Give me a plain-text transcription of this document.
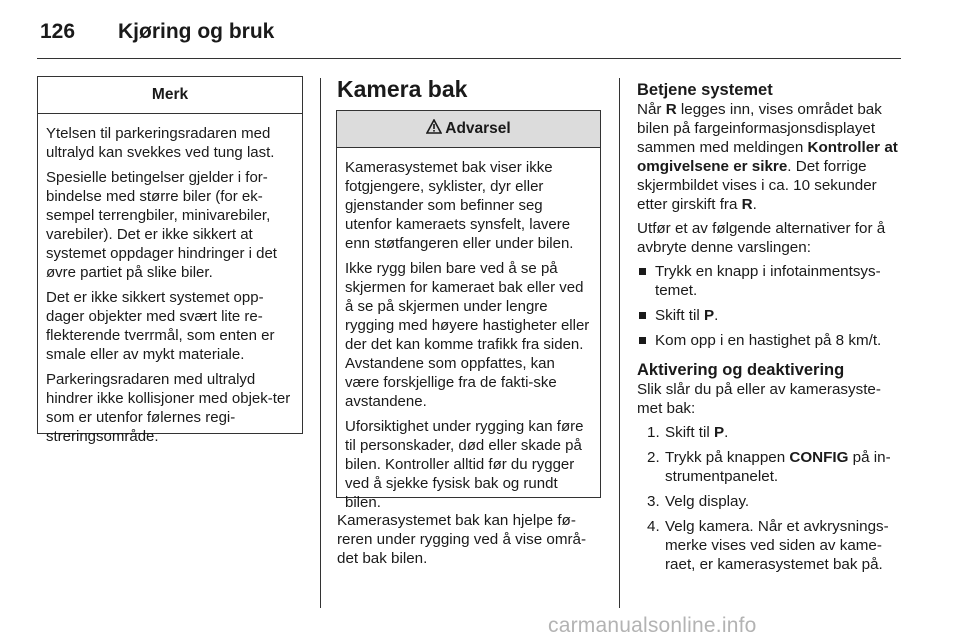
126 Kjøring og bruk
Merk

Ytelsen til parkeringsradaren med ultralyd kan svekkes ved tung last.

Spesielle betingelser gjelder i for-bindelse med større biler (for ek-sempel terrengbiler, minivarebiler, varebiler). Det er ikke sikkert at systemet oppdager hindringer i det øvre partiet på slike biler.

Det er ikke sikkert systemet opp-dager objekter med svært lite re-flekterende tverrmål, som enten er smale eller av mykt materiale.

Parkeringsradaren med ultralyd hindrer ikke kollisjoner med objek-ter som er utenfor følernes regi-streringsområde.

Kamera bak
Advarsel

Kamerasystemet bak viser ikke fotgjengere, syklister, dyr eller gjenstander som befinner seg utenfor kameraets synsfelt, lavere enn støtfangeren eller under bilen.

Ikke rygg bilen bare ved å se på skjermen for kameraet bak eller ved å se på skjermen under lengre rygging med høyere hastigheter eller der det kan komme trafikk fra siden. Avstandene som oppfattes, kan være forskjellige fra de fakti-ske avstandene.

Uforsiktighet under rygging kan føre til personskader, død eller skade på bilen. Kontroller alltid før du rygger ved å sjekke fysisk bak og rundt bilen.

Kamerasystemet bak kan hjelpe fø-reren under rygging ved å vise områ-det bak bilen.

Betjene systemet

Når R legges inn, vises området bak bilen på fargeinformasjonsdisplayet sammen med meldingen Kontroller at omgivelsene er sikre. Det forrige skjermbildet vises i ca. 10 sekunder etter girskift fra R.

Utfør et av følgende alternativer for å avbryte denne varslingen:

Trykk en knapp i infotainmentsys-temet.
Skift til P.
Kom opp i en hastighet på 8 km/t.
Aktivering og deaktivering

Slik slår du på eller av kamerasyste-met bak:

1. Skift til P.
2. Trykk på knappen CONFIG på in-strumentpanelet.
3. Velg display.
4. Velg kamera. Når et avkrysnings-merke vises ved siden av kame-raet, er kamerasystemet bak på.
carmanualsonline.info
